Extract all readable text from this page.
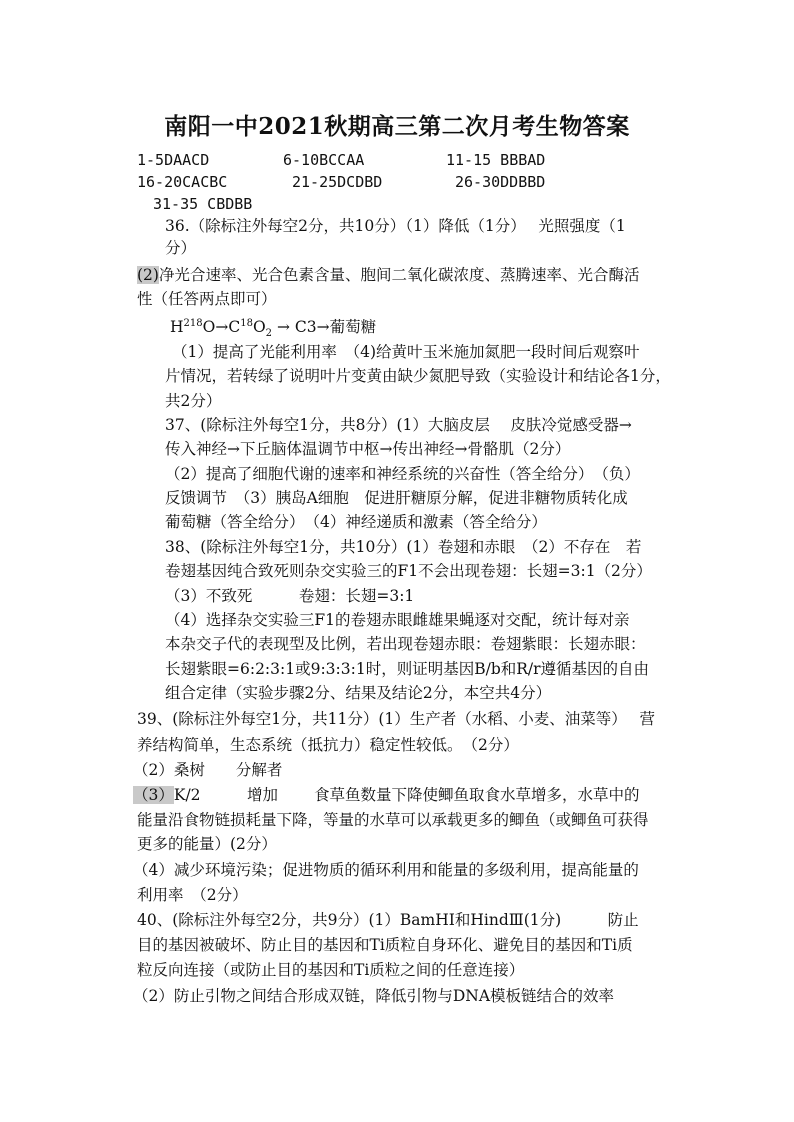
南阳一中2021秋期高三第二次月考生物答案
1-5DAACD	6-10BCCAA	11-15 BBBAD
16-20CACBC	21-25DCDBD	26-30DDBBD
31-35 CBDBB
36.（除标注外每空2分，共10分）（1）降低（1分）　 光照强度（1
分）
(2)净光合速率、光合色素含量、胞间二氧化碳浓度、蒸腾速率、光合酶活
性（任答两点即可）
$H^{218}O\to C^{18}O_2 \to C3\to$葡萄糖
（1）提高了光能利用率　（4)给黄叶玉米施加氮肥一段时间后观察叶
片情况，若转绿了说明叶片变黄由缺少氮肥导致（实验设计和结论各1分，
共2分）
37、(除标注外每空1分，共8分）(1）大脑皮层　 皮肤冷觉感受器→
传入神经→下丘脑体温调节中枢→传出神经→骨骼肌（2分）
（2）提高了细胞代谢的速率和神经系统的兴奋性（答全给分）　（负）
反馈调节　（3）胰岛A细胞　促进肝糖原分解，促进非糖物质转化成
葡萄糖（答全给分）　（4）神经递质和激素（答全给分）
38、(除标注外每空1分，共10分）(1）卷翅和赤眼　（2）不存在　若
卷翅基因纯合致死则杂交实验三的F1不会出现卷翅：长翅=3:1（2分）
（3）不致死　　　卷翅：长翅=3:1
（4）选择杂交实验三F1的卷翅赤眼雌雄果蝇逐对交配，统计每对亲
本杂交子代的表现型及比例，若出现卷翅赤眼：卷翅紫眼：长翅赤眼：
长翅紫眼=6:2:3:1或9:3:3:1时，则证明基因B/b和R/r遵循基因的自由
组合定律（实验步骤2分、结果及结论2分，本空共4分）
39、(除标注外每空1分，共11分）(1）生产者（水稻、小麦、油菜等）　 营
养结构简单，生态系统（抵抗力）稳定性较低。　（2分）
（2）桑树　　分解者
（3）K/2　　　增加　　 食草鱼数量下降使鲫鱼取食水草增多，水草中的
能量沿食物链损耗量下降，等量的水草可以承载更多的鲫鱼（或鲫鱼可获得
更多的能量）(2分）
（4）减少环境污染；促进物质的循环利用和能量的多级利用，提高能量的
利用率　（2分）
40、(除标注外每空2分，共9分）(1）BamHⅠ和HindⅢ(1分)　　　防止
目的基因被破坏、防止目的基因和Ti质粒自身环化、避免目的基因和Ti质
粒反向连接（或防止目的基因和Ti质粒之间的任意连接）
（2）防止引物之间结合形成双链，降低引物与DNA模板链结合的效率
